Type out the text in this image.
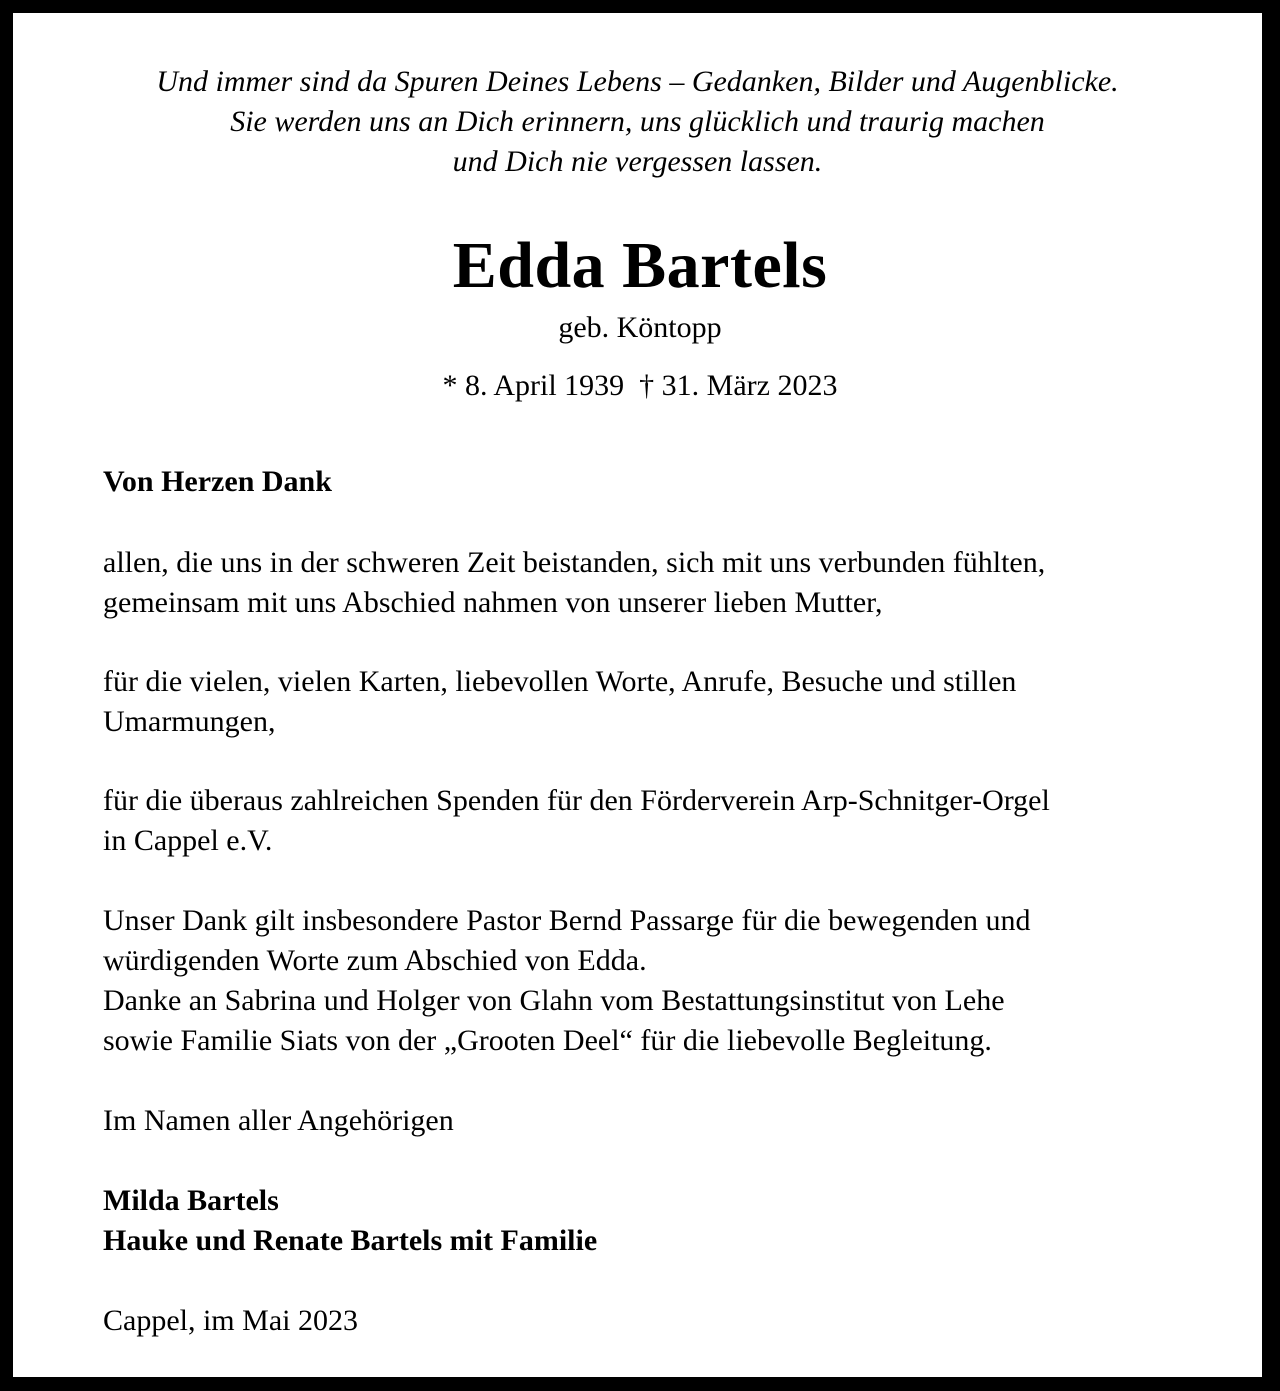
Und immer sind da Spuren Deines Lebens – Gedanken, Bilder und Augenblicke.
Sie werden uns an Dich erinnern, uns glücklich und traurig machen
und Dich nie vergessen lassen.
Edda Bartels
geb. Köntopp
* 8. April 1939  † 31. März 2023
Von Herzen Dank
allen, die uns in der schweren Zeit beistanden, sich mit uns verbunden fühlten,
gemeinsam mit uns Abschied nahmen von unserer lieben Mutter,
für die vielen, vielen Karten, liebevollen Worte, Anrufe, Besuche und stillen
Umarmungen,
für die überaus zahlreichen Spenden für den Förderverein Arp-Schnitger-Orgel
in Cappel e.V.
Unser Dank gilt insbesondere Pastor Bernd Passarge für die bewegenden und
würdigenden Worte zum Abschied von Edda.
Danke an Sabrina und Holger von Glahn vom Bestattungsinstitut von Lehe
sowie Familie Siats von der „Grooten Deel“ für die liebevolle Begleitung.
Im Namen aller Angehörigen
Milda Bartels
Hauke und Renate Bartels mit Familie
Cappel, im Mai 2023
